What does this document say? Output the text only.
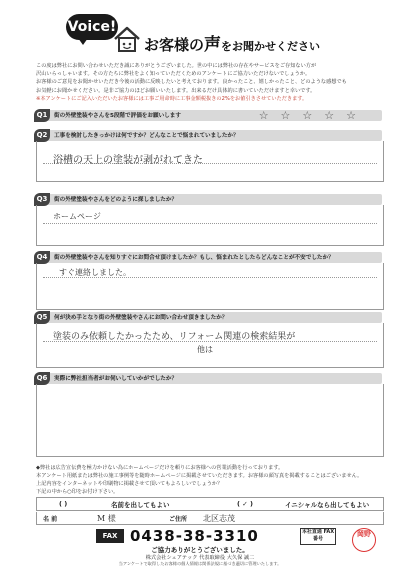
Voice!
お客様の声をお聞かせください
この度は弊社にお問い合わせいただき誠にありがとうございました。世の中には弊社の存在やサービスをご存知ない方が
沢山いらっしゃいます。その方たちに弊社をよく知っていただくためのアンケートにご協力いただけないでしょうか。
お客様のご意見をお聞かせいただき今後の活動に反映したいと考えております。良かったこと、嬉しかったこと、どのような感想でも
お気軽にお聞かせください。是非ご協力のほどお願いいたします。出来るだけ具体的に書いていただけますと幸いです。
※本アンケートにご記入いただいたお客様には工事ご用命時に工事金額税抜きの2%をお値引きさせていただきます。
Q1	街の外壁塗装やさんを5段階で評価をお願いします	☆☆☆☆☆
Q2	工事を検討したきっかけは何ですか？どんなことで悩まれていましたか？
浴槽の天上の塗装が剥がれてきた
Q3	街の外壁塗装やさんをどのように探しましたか？
ホームページ
Q4	街の外壁塗装やさんを知りすぐにお問合せ頂けましたか？もし、悩まれたとしたらどんなことが不安でしたか？
すぐ連絡しました。
Q5	何が決め手となり街の外壁塗装やさんにお問い合わせ頂きましたか？
塗装のみ依頼したかったため、リフォーム関連の検索結果が
他は
Q6	実際に弊社担当者がお伺いしていかがでしたか？
◆弊社は広告宣伝費を極力かけない為にホームページだけを頼りにお客様への営業活動を行っております。
本アンケート用紙または弊社の施工事例等を随時ホームページに掲載させていただきます。お客様の顔写真を掲載することはございません。
上記内容をインターネットや印刷物に掲載させて頂いてもよろしいでしょうか？
下記の中から○印をお付け下さい。
( )	名前を出してもよい	( ✓ )	イニシャルなら出してもよい
名 前	M 様	ご住所 北区志茂
FAX 0438-38-3310	本社直通 FAX番号
岡野
ご協力ありがとうございました。
株式会社シェアテック 代表取締役 大久保 誠二
当アンケートで取得したお客様の個人情報は関係法規に基づき適切に管理いたします。
